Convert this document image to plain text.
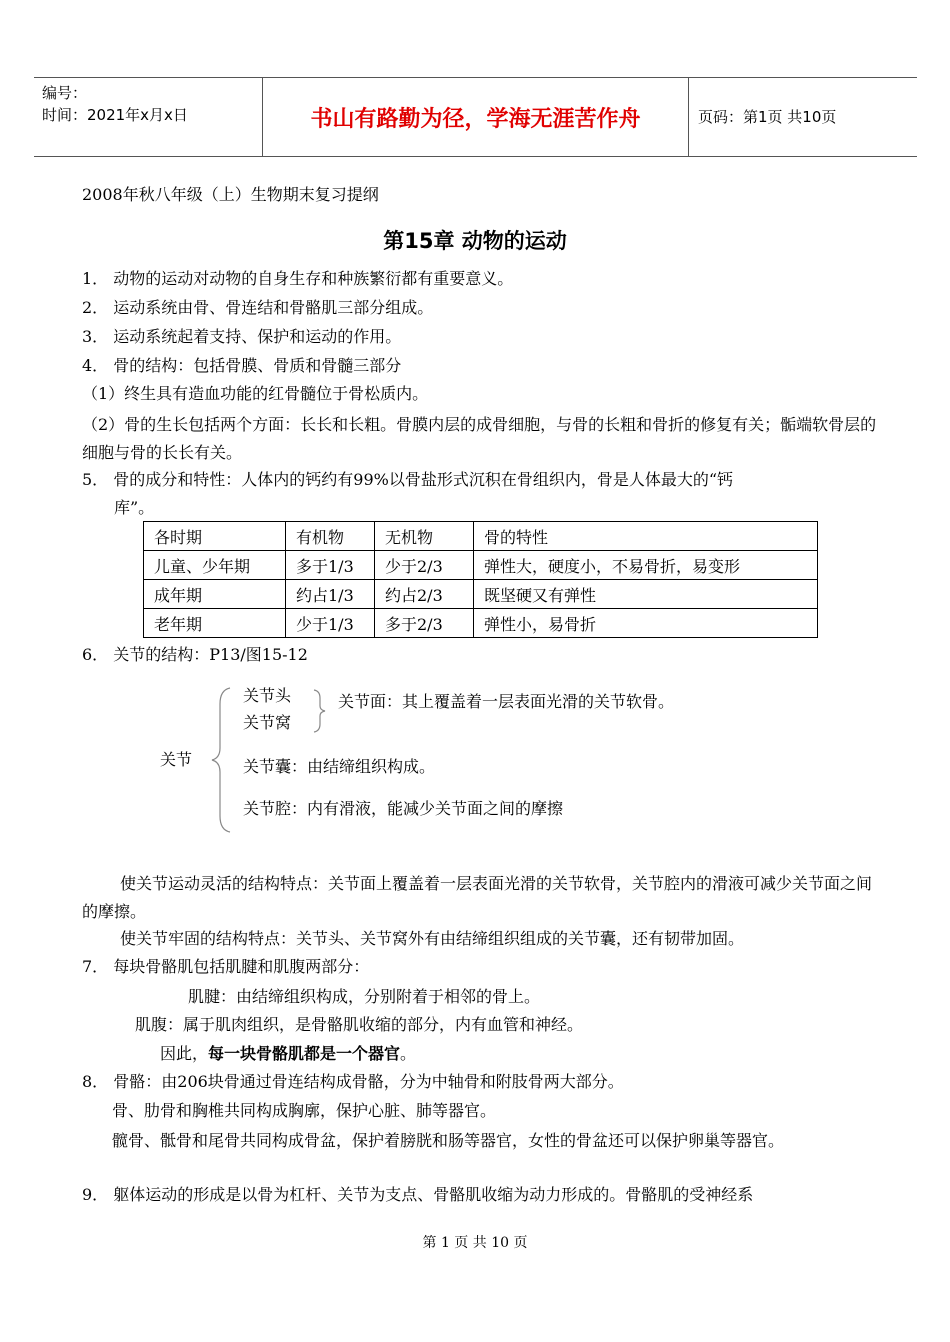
编号：
时间：2021年x月x日	书山有路勤为径，学海无涯苦作舟	页码：第1页 共10页
2008年秋八年级（上）生物期末复习提纲
第15章 动物的运动
1． 动物的运动对动物的自身生存和种族繁衍都有重要意义。
2． 运动系统由骨、骨连结和骨骼肌三部分组成。
3． 运动系统起着支持、保护和运动的作用。
4． 骨的结构：包括骨膜、骨质和骨髓三部分
（1）终生具有造血功能的红骨髓位于骨松质内。
（2）骨的生长包括两个方面：长长和长粗。骨膜内层的成骨细胞，与骨的长粗和骨折的修复有关；骺端软骨层的细胞与骨的长长有关。
5． 骨的成分和特性：人体内的钙约有99%以骨盐形式沉积在骨组织内，骨是人体最大的“钙
库”。
各时期	有机物	无机物	骨的特性
儿童、少年期	多于1/3	少于2/3	弹性大，硬度小，不易骨折，易变形
成年期	约占1/3	约占2/3	既坚硬又有弹性
老年期	少于1/3	多于2/3	弹性小，易骨折
6． 关节的结构：P13/图15-12
关节
关节头
关节窝
关节面：其上覆盖着一层表面光滑的关节软骨。
关节囊：由结缔组织构成。
关节腔：内有滑液，能减少关节面之间的摩擦
使关节运动灵活的结构特点：关节面上覆盖着一层表面光滑的关节软骨，关节腔内的滑液可减少关节面之间的摩擦。
使关节牢固的结构特点：关节头、关节窝外有由结缔组织组成的关节囊，还有韧带加固。
7． 每块骨骼肌包括肌腱和肌腹两部分：
肌腱：由结缔组织构成，分别附着于相邻的骨上。
肌腹：属于肌肉组织，是骨骼肌收缩的部分，内有血管和神经。
因此，每一块骨骼肌都是一个器官。
8． 骨骼：由206块骨通过骨连结构成骨骼，分为中轴骨和附肢骨两大部分。
骨、肋骨和胸椎共同构成胸廓，保护心脏、肺等器官。
髋骨、骶骨和尾骨共同构成骨盆，保护着膀胱和肠等器官，女性的骨盆还可以保护卵巢等器官。
9． 躯体运动的形成是以骨为杠杆、关节为支点、骨骼肌收缩为动力形成的。骨骼肌的受神经系
第 1 页 共 10 页
